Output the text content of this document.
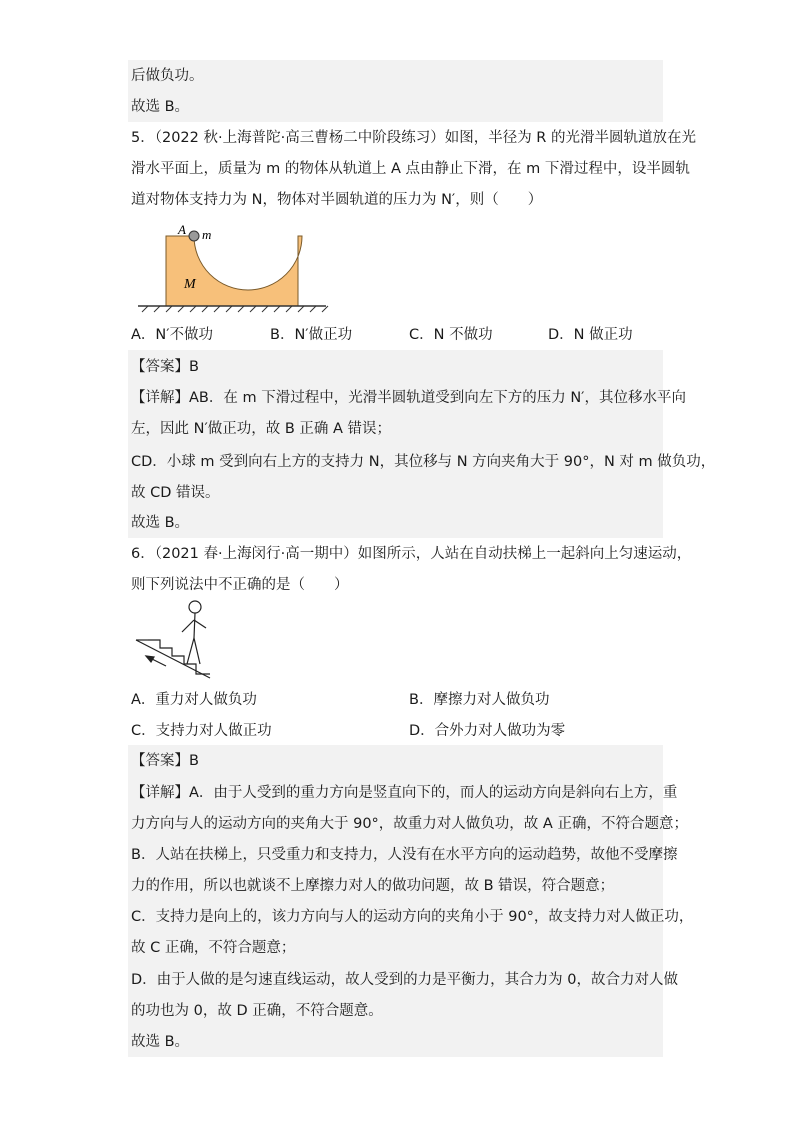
后做负功。
故选 B。
5．（2022 秋·上海普陀·高三曹杨二中阶段练习）如图，半径为 R 的光滑半圆轨道放在光
滑水平面上，质量为 m 的物体从轨道上 A 点由静止下滑，在 m 下滑过程中，设半圆轨
道对物体支持力为 N，物体对半圆轨道的压力为 N′，则（　　）
A m
M
A．N′不做功	B．N′做正功	C．N 不做功	D．N 做正功
【答案】B
【详解】AB．在 m 下滑过程中，光滑半圆轨道受到向左下方的压力 N′，其位移水平向
左，因此 N′做正功，故 B 正确 A 错误；
CD．小球 m 受到向右上方的支持力 N，其位移与 N 方向夹角大于 90°，N 对 m 做负功，
故 CD 错误。
故选 B。
6．（2021 春·上海闵行·高一期中）如图所示，人站在自动扶梯上一起斜向上匀速运动，
则下列说法中不正确的是（　　）
A．重力对人做负功	B．摩擦力对人做负功
C．支持力对人做正功	D．合外力对人做功为零
【答案】B
【详解】A．由于人受到的重力方向是竖直向下的，而人的运动方向是斜向右上方，重
力方向与人的运动方向的夹角大于 90°，故重力对人做负功，故 A 正确，不符合题意；
B．人站在扶梯上，只受重力和支持力，人没有在水平方向的运动趋势，故他不受摩擦
力的作用，所以也就谈不上摩擦力对人的做功问题，故 B 错误，符合题意；
C．支持力是向上的，该力方向与人的运动方向的夹角小于 90°，故支持力对人做正功，
故 C 正确，不符合题意；
D．由于人做的是匀速直线运动，故人受到的力是平衡力，其合力为 0，故合力对人做
的功也为 0，故 D 正确，不符合题意。
故选 B。
